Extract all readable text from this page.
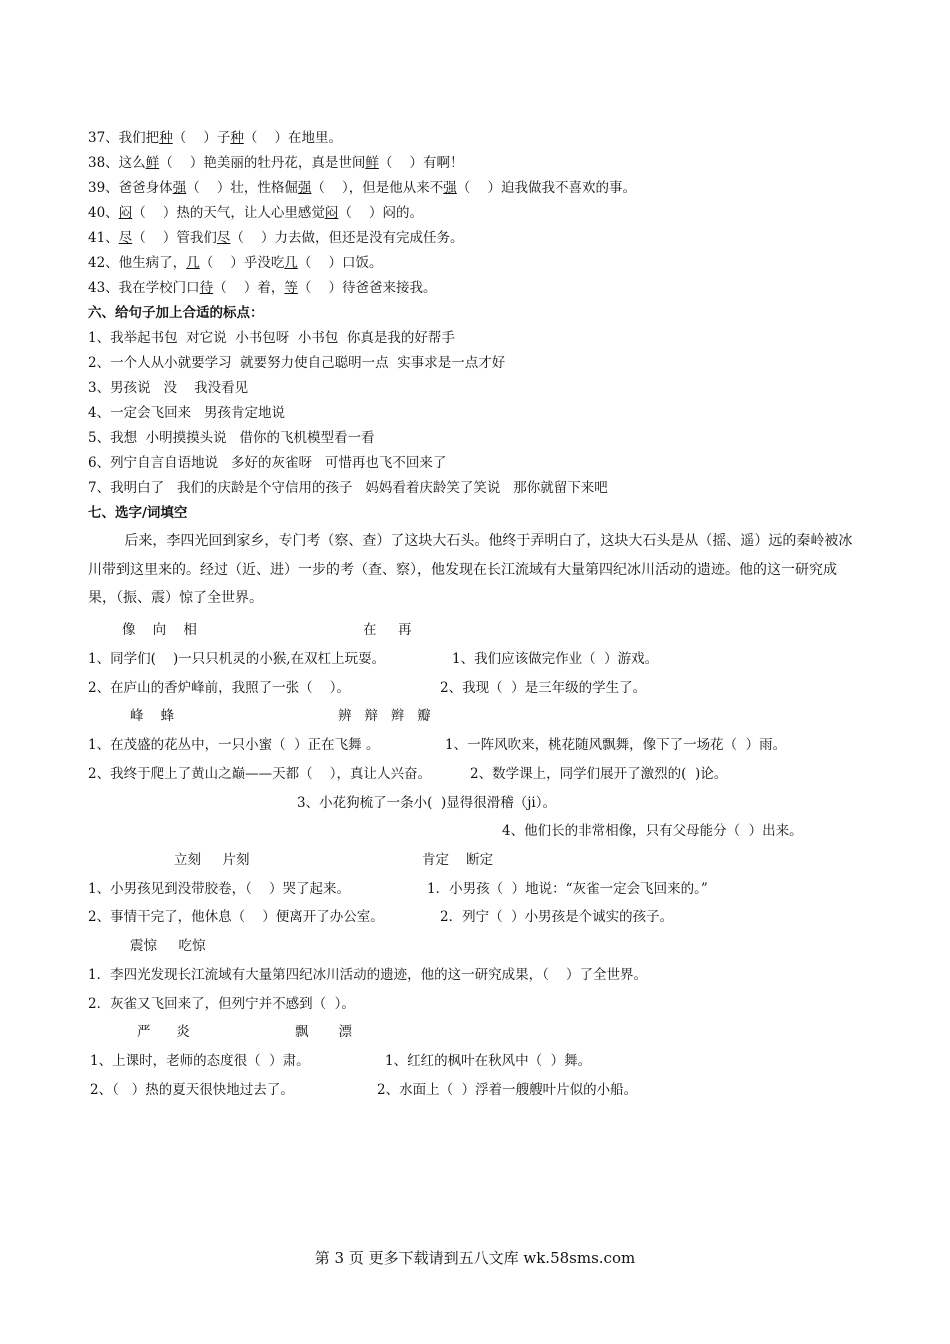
37、我们把种（    ）子种（    ）在地里。
38、这么鲜（    ）艳美丽的牡丹花，真是世间鲜（    ）有啊！
39、爸爸身体强（    ）壮，性格倔强（    ），但是他从来不强（    ）迫我做我不喜欢的事。
40、闷（    ）热的天气，让人心里感觉闷（    ）闷的。
41、尽（    ）管我们尽（    ）力去做，但还是没有完成任务。
42、他生病了，几（    ）乎没吃几（    ）口饭。
43、我在学校门口待（    ）着，等（    ）待爸爸来接我。
六、给句子加上合适的标点：
1、我举起书包  对它说  小书包呀  小书包  你真是我的好帮手
2、一个人从小就要学习  就要努力使自己聪明一点  实事求是一点才好
3、男孩说   没    我没看见
4、一定会飞回来   男孩肯定地说
5、我想  小明摸摸头说   借你的飞机模型看一看
6、列宁自言自语地说   多好的灰雀呀   可惜再也飞不回来了
7、我明白了   我们的庆龄是个守信用的孩子   妈妈看着庆龄笑了笑说   那你就留下来吧
七、选字/词填空
后来，李四光回到家乡，专门考（察、查）了这块大石头。他终于弄明白了，这块大石头是从（摇、遥）远的秦岭被冰川带到这里来的。经过（近、进）一步的考（查、察），他发现在长江流域有大量第四纪冰川活动的遗迹。他的这一研究成果，（振、震）惊了全世界。
像    向    相	在     再
1、同学们(    )一只只机灵的小猴,在双杠上玩耍。	1、我们应该做完作业（  ）游戏。
2、在庐山的香炉峰前，我照了一张（    ）。	2、我现（  ）是三年级的学生了。
峰    蜂	辨   辩   辫   瓣
1、在茂盛的花丛中，一只小蜜（  ）正在飞舞 。	1、一阵风吹来，桃花随风飘舞，像下了一场花（  ）雨。
2、我终于爬上了黄山之巅——天都（    ），真让人兴奋。	2、数学课上，同学们展开了激烈的(  )论。
3、小花狗梳了一条小(  )显得很滑稽（ji）。
4、他们长的非常相像，只有父母能分（  ）出来。
立刻     片刻	肯定    断定
1、小男孩见到没带胶卷，（    ）哭了起来。	1．小男孩（  ）地说：“灰雀一定会飞回来的。”
2、事情干完了，他休息（    ）便离开了办公室。	2．列宁（  ）小男孩是个诚实的孩子。
震惊     吃惊
1．李四光发现长江流域有大量第四纪冰川活动的遗迹，他的这一研究成果，（    ）了全世界。
2．灰雀又飞回来了，但列宁并不感到（  ）。
严      炎	飘       漂
1、上课时，老师的态度很（  ）肃。	1、红红的枫叶在秋风中（  ）舞。
2、（   ）热的夏天很快地过去了。	2、水面上（  ）浮着一艘艘叶片似的小船。
第 3 页 更多下载请到五八文库 wk.58sms.com
